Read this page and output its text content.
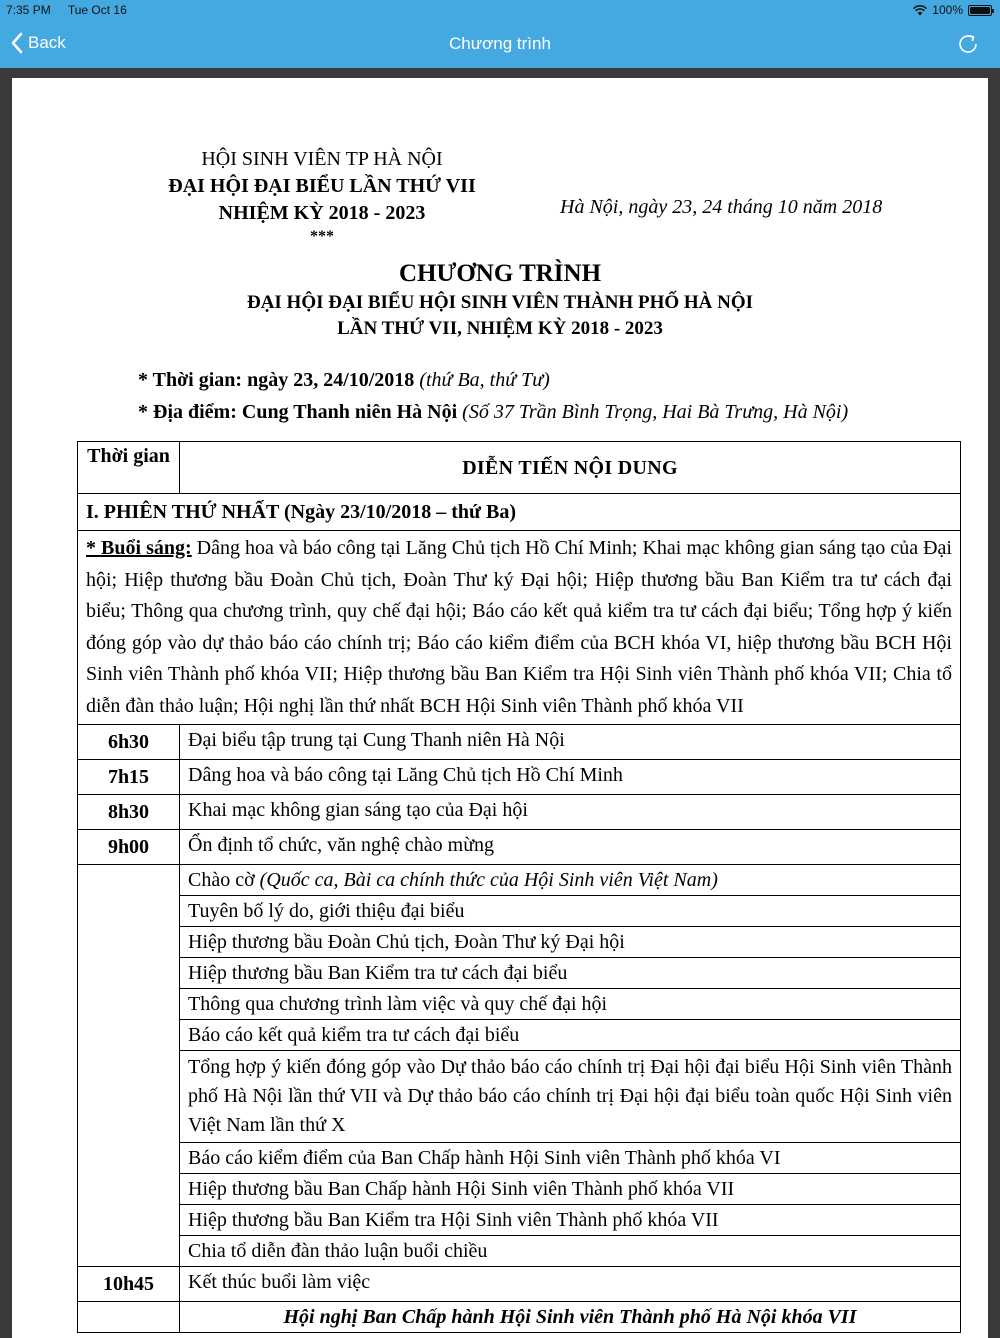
7:35 PM Tue Oct 16	100%
Back	Chương trình
HỘI SINH VIÊN TP HÀ NỘI
ĐẠI HỘI ĐẠI BIỂU LẦN THỨ VII
NHIỆM KỲ 2018 - 2023
***
Hà Nội, ngày 23, 24 tháng 10 năm 2018
CHƯƠNG TRÌNH
ĐẠI HỘI ĐẠI BIỂU HỘI SINH VIÊN THÀNH PHỐ HÀ NỘI
LẦN THỨ VII, NHIỆM KỲ 2018 - 2023
* Thời gian: ngày 23, 24/10/2018 (thứ Ba, thứ Tư)
* Địa điểm: Cung Thanh niên Hà Nội (Số 37 Trần Bình Trọng, Hai Bà Trưng, Hà Nội)
Thời gian	DIỄN TIẾN NỘI DUNG
I. PHIÊN THỨ NHẤT (Ngày 23/10/2018 – thứ Ba)	
* Buổi sáng: Dâng hoa và báo công tại Lăng Chủ tịch Hồ Chí Minh; Khai mạc không gian sáng tạo của Đại hội; Hiệp thương bầu Đoàn Chủ tịch, Đoàn Thư ký Đại hội; Hiệp thương bầu Ban Kiểm tra tư cách đại biểu; Thông qua chương trình, quy chế đại hội; Báo cáo kết quả kiểm tra tư cách đại biểu; Tổng hợp ý kiến đóng góp vào dự thảo báo cáo chính trị; Báo cáo kiểm điểm của BCH khóa VI, hiệp thương bầu BCH Hội Sinh viên Thành phố khóa VII; Hiệp thương bầu Ban Kiểm tra Hội Sinh viên Thành phố khóa VII; Chia tổ diễn đàn thảo luận; Hội nghị lần thứ nhất BCH Hội Sinh viên Thành phố khóa VII	
6h30	Đại biểu tập trung tại Cung Thanh niên Hà Nội
7h15	Dâng hoa và báo công tại Lăng Chủ tịch Hồ Chí Minh
8h30	Khai mạc không gian sáng tạo của Đại hội
9h00	Ổn định tổ chức, văn nghệ chào mừng
	Chào cờ (Quốc ca, Bài ca chính thức của Hội Sinh viên Việt Nam)
	Tuyên bố lý do, giới thiệu đại biểu
	Hiệp thương bầu Đoàn Chủ tịch, Đoàn Thư ký Đại hội
	Hiệp thương bầu Ban Kiểm tra tư cách đại biểu
	Thông qua chương trình làm việc và quy chế đại hội
	Báo cáo kết quả kiểm tra tư cách đại biểu
	Tổng hợp ý kiến đóng góp vào Dự thảo báo cáo chính trị Đại hội đại biểu Hội Sinh viên Thành phố Hà Nội lần thứ VII và Dự thảo báo cáo chính trị Đại hội đại biểu toàn quốc Hội Sinh viên Việt Nam lần thứ X
	Báo cáo kiểm điểm của Ban Chấp hành Hội Sinh viên Thành phố khóa VI
	Hiệp thương bầu Ban Chấp hành Hội Sinh viên Thành phố khóa VII
	Hiệp thương bầu Ban Kiểm tra Hội Sinh viên Thành phố khóa VII
	Chia tổ diễn đàn thảo luận buổi chiều
10h45	Kết thúc buổi làm việc
	Hội nghị Ban Chấp hành Hội Sinh viên Thành phố Hà Nội khóa VII
